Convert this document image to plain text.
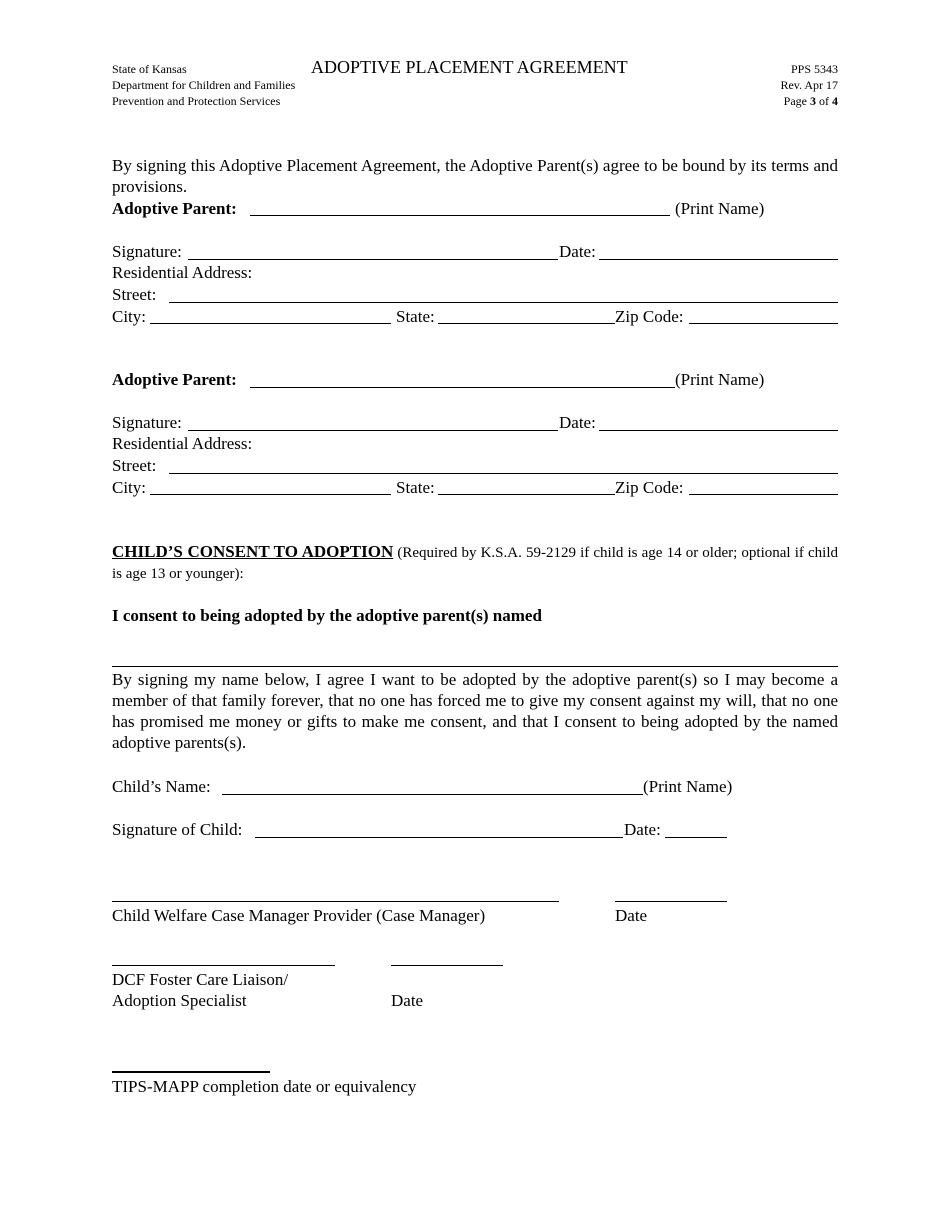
State of Kansas
Department for Children and Families
Prevention and Protection Services
ADOPTIVE PLACEMENT AGREEMENT	PPS 5343
Rev. Apr 17
Page 3 of 4
By signing this Adoptive Placement Agreement, the Adoptive Parent(s) agree to be bound by its terms and provisions.
Adoptive Parent:	(Print Name)
Signature:	Date:
Residential Address:
Street:
City:	State:	Zip Code:
Adoptive Parent:	(Print Name)
Signature:	Date:
Residential Address:
Street:
City:	State:	Zip Code:
CHILD’S CONSENT TO ADOPTION (Required by K.S.A. 59-2129 if child is age 14 or older; optional if child is age 13 or younger):
I consent to being adopted by the adoptive parent(s) named
By signing my name below, I agree I want to be adopted by the adoptive parent(s) so I may become a member of that family forever, that no one has forced me to give my consent against my will, that no one has promised me money or gifts to make me consent, and that I consent to being adopted by the named adoptive parents(s).
Child’s Name:	(Print Name)
Signature of Child:	Date:
Child Welfare Case Manager Provider (Case Manager)	Date
DCF Foster Care Liaison/
Adoption Specialist	Date
TIPS-MAPP completion date or equivalency
